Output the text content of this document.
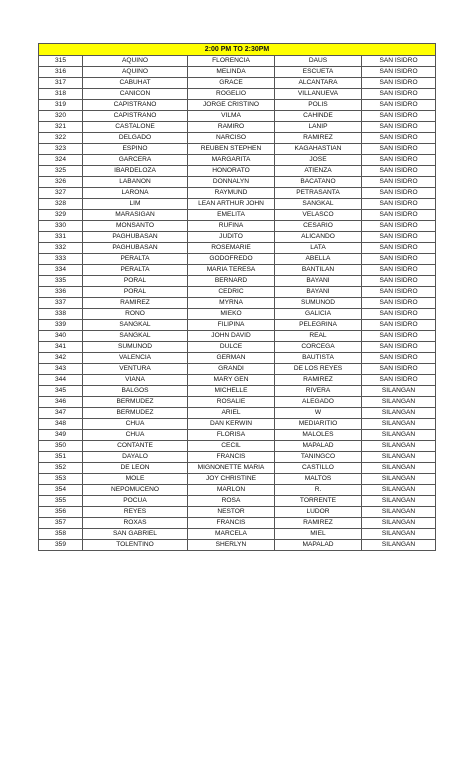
2:00 PM TO 2:30PM				
315	AQUINO	FLORENCIA	DAUS	SAN ISIDRO
316	AQUINO	MELINDA	ESCUETA	SAN ISIDRO
317	CABUHAT	GRACE	ALCANTARA	SAN ISIDRO
318	CANICON	ROGELIO	VILLANUEVA	SAN ISIDRO
319	CAPISTRANO	JORGE CRISTINO	POLIS	SAN ISIDRO
320	CAPISTRANO	VILMA	CAHINDE	SAN ISIDRO
321	CASTALONE	RAMIRO	LANIP	SAN ISIDRO
322	DELGADO	NARCISO	RAMIREZ	SAN ISIDRO
323	ESPINO	REUBEN STEPHEN	KAGAHASTIAN	SAN ISIDRO
324	GARCERA	MARGARITA	JOSE	SAN ISIDRO
325	IBARDELOZA	HONORATO	ATIENZA	SAN ISIDRO
326	LABANON	DONNALYN	BACATANO	SAN ISIDRO
327	LARONA	RAYMUND	PETRASANTA	SAN ISIDRO
328	LIM	LEAN ARTHUR JOHN	SANGKAL	SAN ISIDRO
329	MARASIGAN	EMELITA	VELASCO	SAN ISIDRO
330	MONSANTO	RUFINA	CESARIO	SAN ISIDRO
331	PAGHUBASAN	JUDITO	ALICANDO	SAN ISIDRO
332	PAGHUBASAN	ROSEMARIE	LATA	SAN ISIDRO
333	PERALTA	GODOFREDO	ABELLA	SAN ISIDRO
334	PERALTA	MARIA TERESA	BANTILAN	SAN ISIDRO
335	PORAL	BERNARD	BAYANI	SAN ISIDRO
336	PORAL	CEDRIC	BAYANI	SAN ISIDRO
337	RAMIREZ	MYRNA	SUMUNOD	SAN ISIDRO
338	RONO	MIEKO	GALICIA	SAN ISIDRO
339	SANGKAL	FILIPINA	PELEGRINA	SAN ISIDRO
340	SANGKAL	JOHN DAVID	REAL	SAN ISIDRO
341	SUMUNOD	DULCE	CORCEGA	SAN ISIDRO
342	VALENCIA	GERMAN	BAUTISTA	SAN ISIDRO
343	VENTURA	GRANDI	DE LOS REYES	SAN ISIDRO
344	VIANA	MARY GEN	RAMIREZ	SAN ISIDRO
345	BALGOS	MICHELLE	RIVERA	SILANGAN
346	BERMUDEZ	ROSALIE	ALEGADO	SILANGAN
347	BERMUDEZ	ARIEL	W	SILANGAN
348	CHUA	DAN KERWIN	MEDIARITIO	SILANGAN
349	CHUA	FLORISA	MALOLES	SILANGAN
350	CONTANTE	CECIL	MAPALAD	SILANGAN
351	DAYALO	FRANCIS	TANINGCO	SILANGAN
352	DE LEON	MIGNONETTE MARIA	CASTILLO	SILANGAN
353	MOLE	JOY CHRISTINE	MALTOS	SILANGAN
354	NEPOMUCENO	MARLON	R.	SILANGAN
355	POCUA	ROSA	TORRENTE	SILANGAN
356	REYES	NESTOR	LUDOR	SILANGAN
357	ROXAS	FRANCIS	RAMIREZ	SILANGAN
358	SAN GABRIEL	MARCELA	MIEL	SILANGAN
359	TOLENTINO	SHERLYN	MAPALAD	SILANGAN
